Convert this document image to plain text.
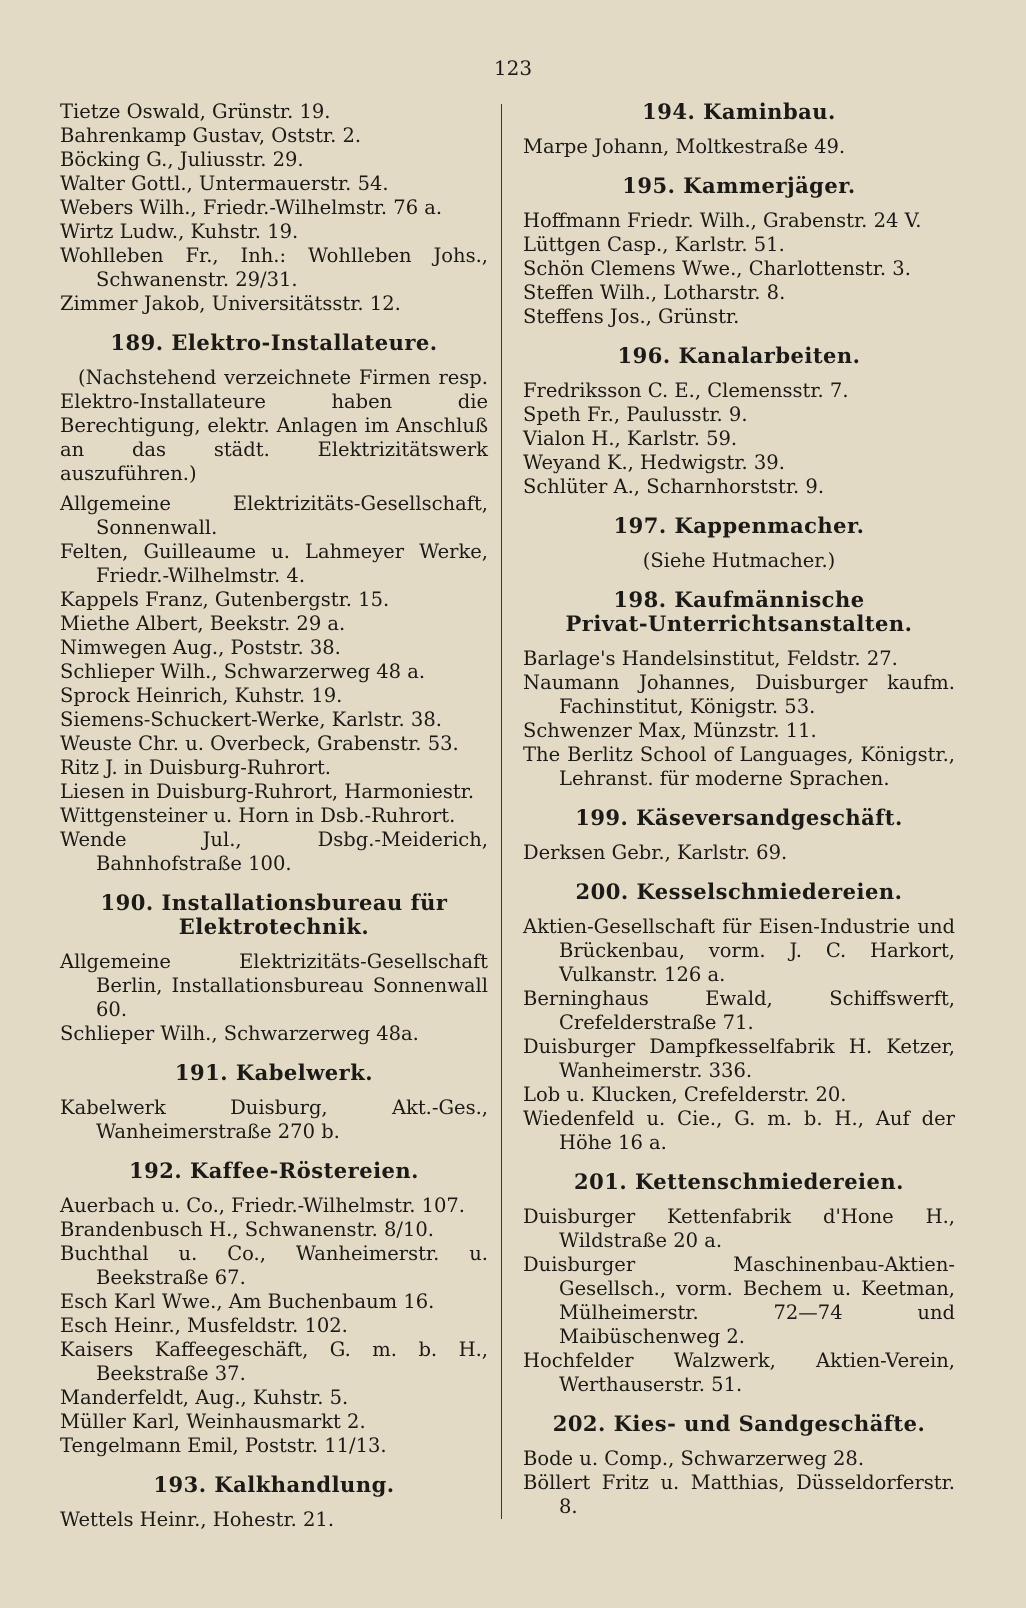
123

Tietze Oswald, Grünstr. 19.

Bahrenkamp Gustav, Oststr. 2.

Böcking G., Juliusstr. 29.

Walter Gottl., Untermauerstr. 54.

Webers Wilh., Friedr.-Wilhelmstr. 76 a.

Wirtz Ludw., Kuhstr. 19.

Wohlleben Fr., Inh.: Wohlleben Johs., Schwanenstr. 29/31.

Zimmer Jakob, Universitätsstr. 12.

189. Elektro-Installateure.

(Nachstehend verzeichnete Firmen resp. Elektro-Installateure haben die Berechtigung, elektr. Anlagen im Anschluß an das städt. Elektrizitätswerk auszuführen.)

Allgemeine Elektrizitäts-Gesellschaft, Sonnenwall.

Felten, Guilleaume u. Lahmeyer Werke, Friedr.-Wilhelmstr. 4.

Kappels Franz, Gutenbergstr. 15.

Miethe Albert, Beekstr. 29 a.

Nimwegen Aug., Poststr. 38.

Schlieper Wilh., Schwarzerweg 48 a.

Sprock Heinrich, Kuhstr. 19.

Siemens-Schuckert-Werke, Karlstr. 38.

Weuste Chr. u. Overbeck, Grabenstr. 53.

Ritz J. in Duisburg-Ruhrort.

Liesen in Duisburg-Ruhrort, Harmoniestr.

Wittgensteiner u. Horn in Dsb.-Ruhrort.

Wende Jul., Dsbg.-Meiderich, Bahnhofstraße 100.

190. Installationsbureau für
Elektrotechnik.

Allgemeine Elektrizitäts-Gesellschaft Berlin, Installationsbureau Sonnenwall 60.

Schlieper Wilh., Schwarzerweg 48a.

191. Kabelwerk.

Kabelwerk Duisburg, Akt.-Ges., Wanheimerstraße 270 b.

192. Kaffee-Röstereien.

Auerbach u. Co., Friedr.-Wilhelmstr. 107.

Brandenbusch H., Schwanenstr. 8/10.

Buchthal u. Co., Wanheimerstr. u. Beekstraße 67.

Esch Karl Wwe., Am Buchenbaum 16.

Esch Heinr., Musfeldstr. 102.

Kaisers Kaffeegeschäft, G. m. b. H., Beekstraße 37.

Manderfeldt, Aug., Kuhstr. 5.

Müller Karl, Weinhausmarkt 2.

Tengelmann Emil, Poststr. 11/13.

193. Kalkhandlung.

Wettels Heinr., Hohestr. 21.

194. Kaminbau.

Marpe Johann, Moltkestraße 49.

195. Kammerjäger.

Hoffmann Friedr. Wilh., Grabenstr. 24 V.

Lüttgen Casp., Karlstr. 51.

Schön Clemens Wwe., Charlottenstr. 3.

Steffen Wilh., Lotharstr. 8.

Steffens Jos., Grünstr.

196. Kanalarbeiten.

Fredriksson C. E., Clemensstr. 7.

Speth Fr., Paulusstr. 9.

Vialon H., Karlstr. 59.

Weyand K., Hedwigstr. 39.

Schlüter A., Scharnhorststr. 9.

197. Kappenmacher.

(Siehe Hutmacher.)

198. Kaufmännische
Privat-Unterrichtsanstalten.

Barlage's Handelsinstitut, Feldstr. 27.

Naumann Johannes, Duisburger kaufm. Fachinstitut, Königstr. 53.

Schwenzer Max, Münzstr. 11.

The Berlitz School of Languages, Königstr., Lehranst. für moderne Sprachen.

199. Käseversandgeschäft.

Derksen Gebr., Karlstr. 69.

200. Kesselschmiedereien.

Aktien-Gesellschaft für Eisen-Industrie und Brückenbau, vorm. J. C. Harkort, Vulkanstr. 126 a.

Berninghaus Ewald, Schiffswerft, Crefelderstraße 71.

Duisburger Dampfkesselfabrik H. Ketzer, Wanheimerstr. 336.

Lob u. Klucken, Crefelderstr. 20.

Wiedenfeld u. Cie., G. m. b. H., Auf der Höhe 16 a.

201. Kettenschmiedereien.

Duisburger Kettenfabrik d'Hone H., Wildstraße 20 a.

Duisburger Maschinenbau-Aktien-Gesellsch., vorm. Bechem u. Keetman, Mülheimerstr. 72—74 und Maibüschenweg 2.

Hochfelder Walzwerk, Aktien-Verein, Werthauserstr. 51.

202. Kies- und Sandgeschäfte.

Bode u. Comp., Schwarzerweg 28.

Böllert Fritz u. Matthias, Düsseldorferstr. 8.
